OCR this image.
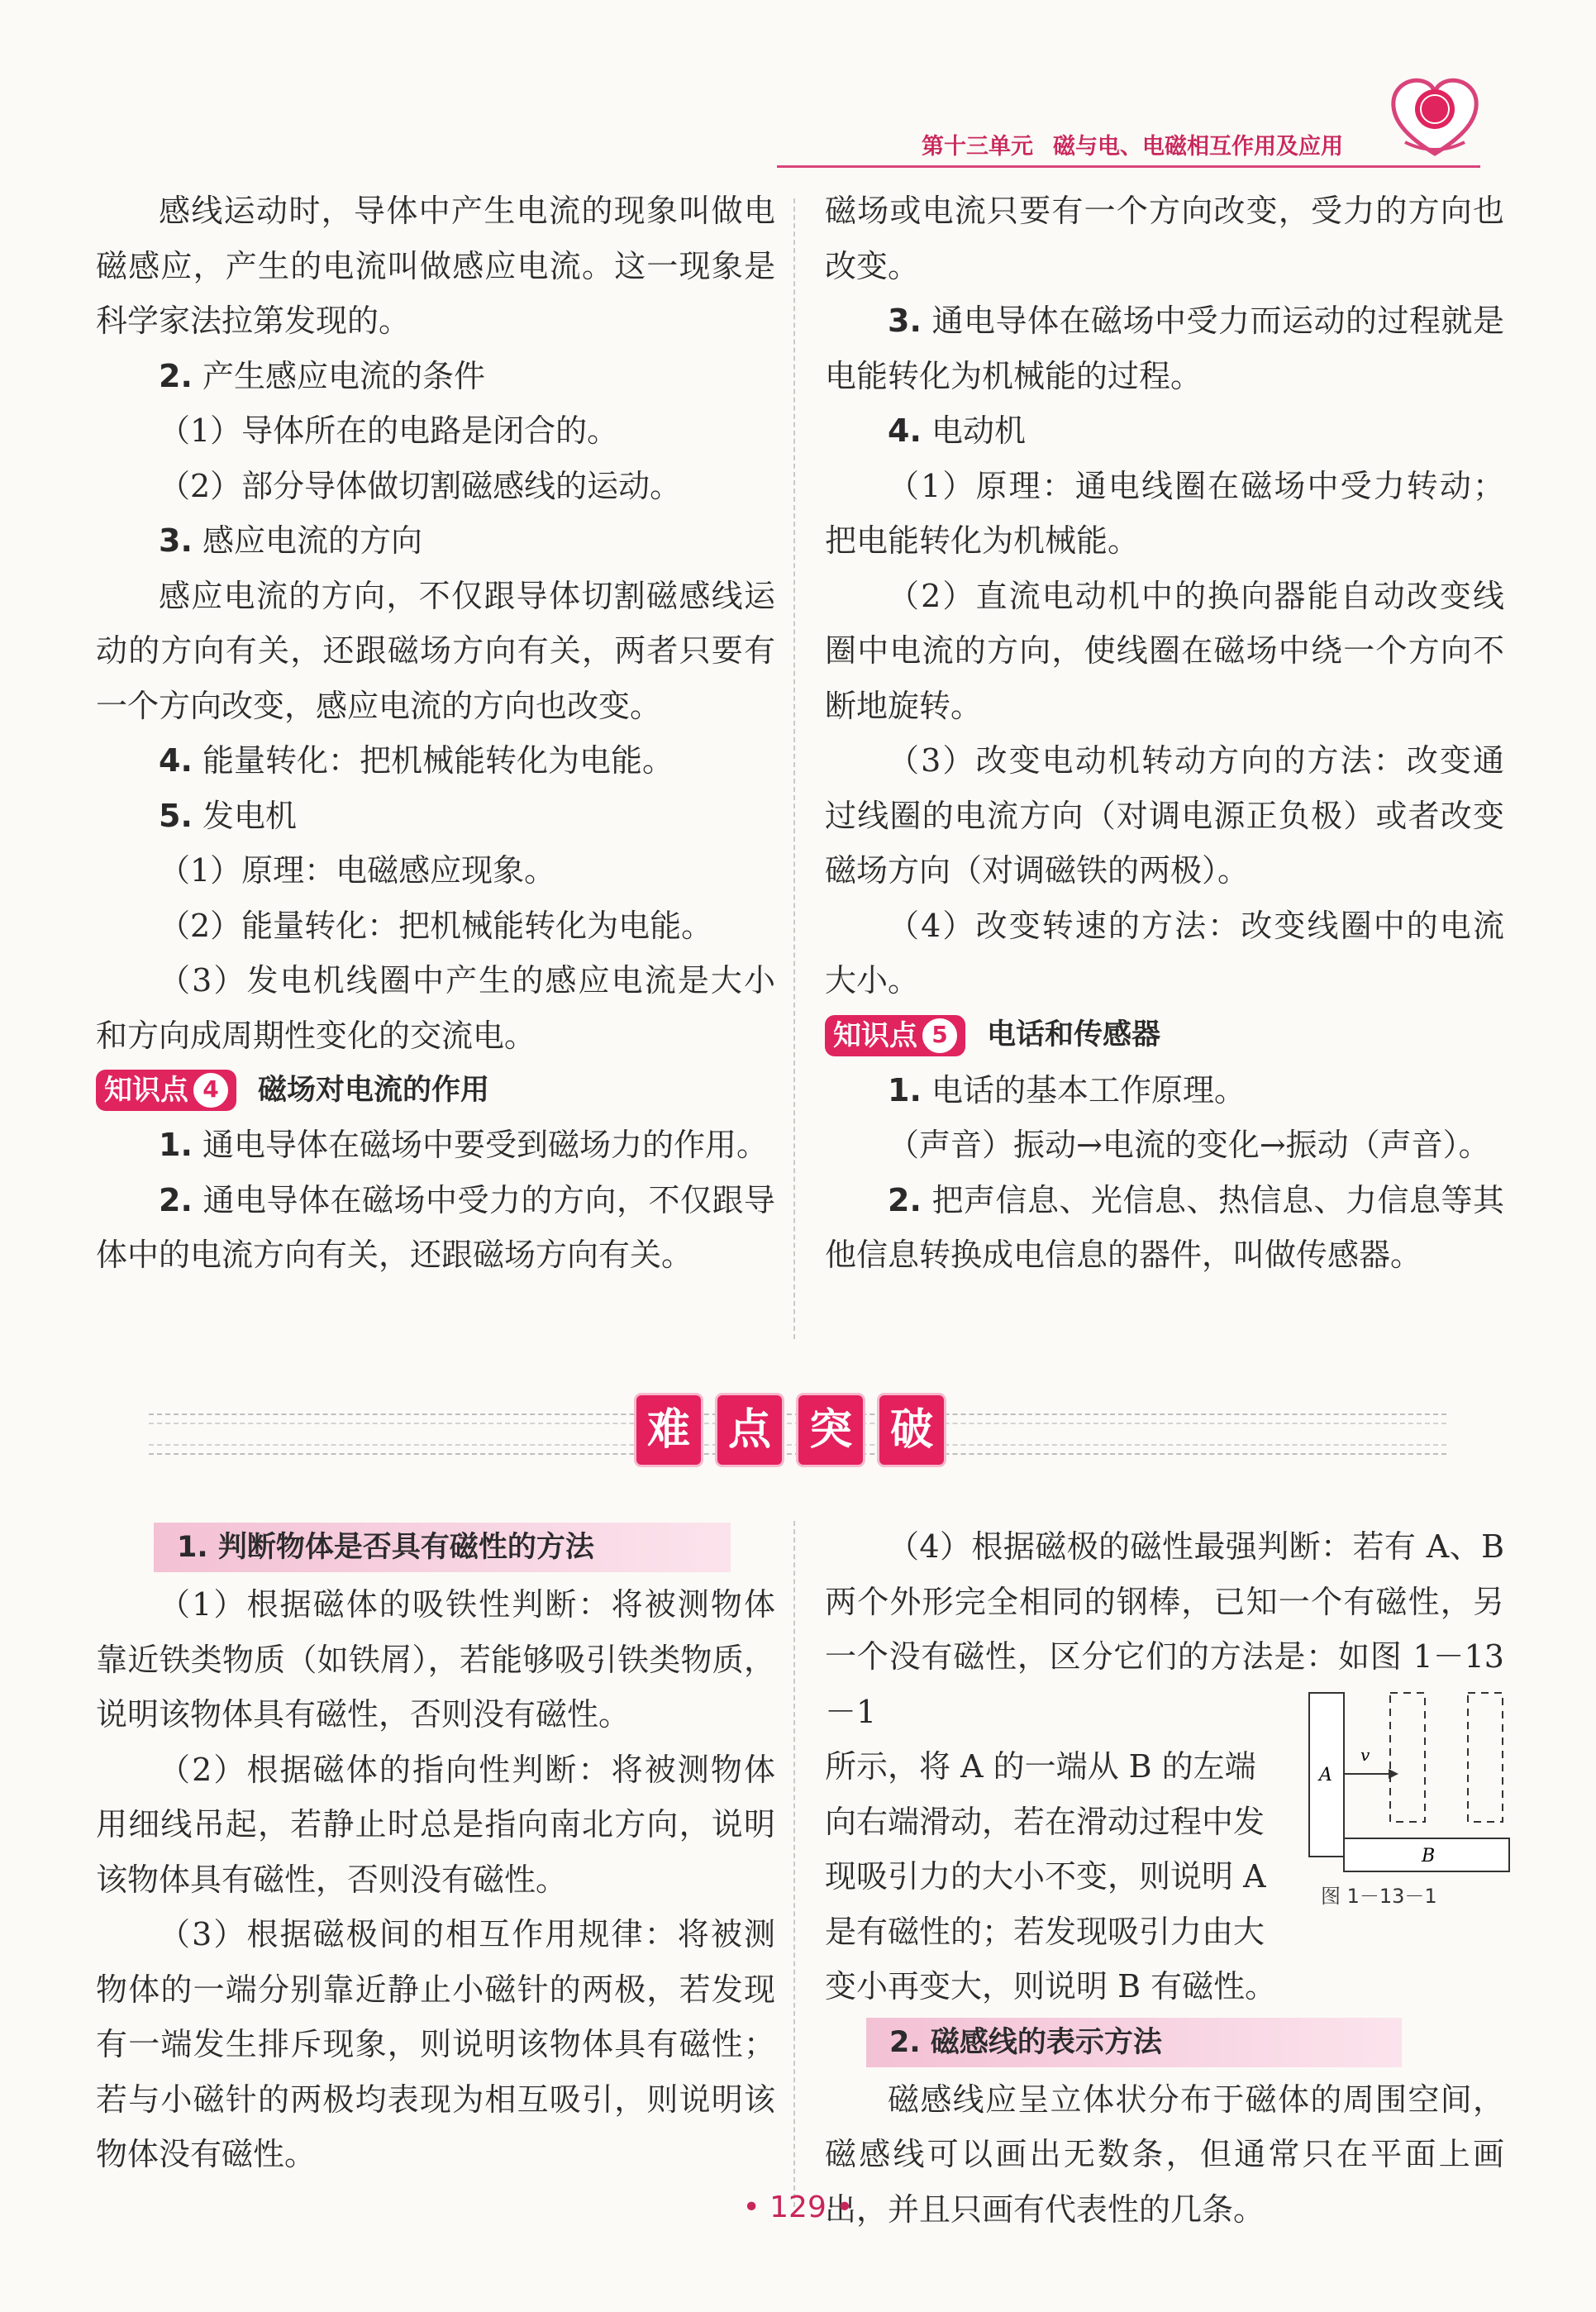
第十三单元 磁与电、电磁相互作用及应用

感线运动时，导体中产生电流的现象叫做电磁感应，产生的电流叫做感应电流。这一现象是科学家法拉第发现的。

2. 产生感应电流的条件

（1）导体所在的电路是闭合的。

（2）部分导体做切割磁感线的运动。

3. 感应电流的方向

感应电流的方向，不仅跟导体切割磁感线运动的方向有关，还跟磁场方向有关，两者只要有一个方向改变，感应电流的方向也改变。

4. 能量转化：把机械能转化为电能。

5. 发电机

（1）原理：电磁感应现象。

（2）能量转化：把机械能转化为电能。

（3）发电机线圈中产生的感应电流是大小和方向成周期性变化的交流电。

知识点 4	磁场对电流的作用

1. 通电导体在磁场中要受到磁场力的作用。

2. 通电导体在磁场中受力的方向，不仅跟导体中的电流方向有关，还跟磁场方向有关。

磁场或电流只要有一个方向改变，受力的方向也改变。

3. 通电导体在磁场中受力而运动的过程就是电能转化为机械能的过程。

4. 电动机

（1）原理：通电线圈在磁场中受力转动；把电能转化为机械能。

（2）直流电动机中的换向器能自动改变线圈中电流的方向，使线圈在磁场中绕一个方向不断地旋转。

（3）改变电动机转动方向的方法：改变通过线圈的电流方向（对调电源正负极）或者改变磁场方向（对调磁铁的两极）。

（4）改变转速的方法：改变线圈中的电流大小。

知识点 5	电话和传感器

1. 电话的基本工作原理。

（声音）振动→电流的变化→振动（声音）。

2. 把声信息、光信息、热信息、力信息等其他信息转换成电信息的器件，叫做传感器。

难 点 突 破
1. 判断物体是否具有磁性的方法

（1）根据磁体的吸铁性判断：将被测物体靠近铁类物质（如铁屑），若能够吸引铁类物质，说明该物体具有磁性，否则没有磁性。

（2）根据磁体的指向性判断：将被测物体用细线吊起，若静止时总是指向南北方向，说明该物体具有磁性，否则没有磁性。

（3）根据磁极间的相互作用规律：将被测物体的一端分别靠近静止小磁针的两极，若发现有一端发生排斥现象，则说明该物体具有磁性；若与小磁针的两极均表现为相互吸引，则说明该物体没有磁性。

（4）根据磁极的磁性最强判断：若有 A、B 两个外形完全相同的钢棒，已知一个有磁性，另一个没有磁性，区分它们的方法是：如图 1－13－1

所示，将 A 的一端从 B 的左端

向右端滑动，若在滑动过程中发

现吸引力的大小不变，则说明 A

是有磁性的；若发现吸引力由大

变小再变大，则说明 B 有磁性。

2. 磁感线的表示方法

磁感线应呈立体状分布于磁体的周围空间，磁感线可以画出无数条，但通常只在平面上画出，并且只画有代表性的几条。

A
v
B
图 1－13－1
• 129 •
